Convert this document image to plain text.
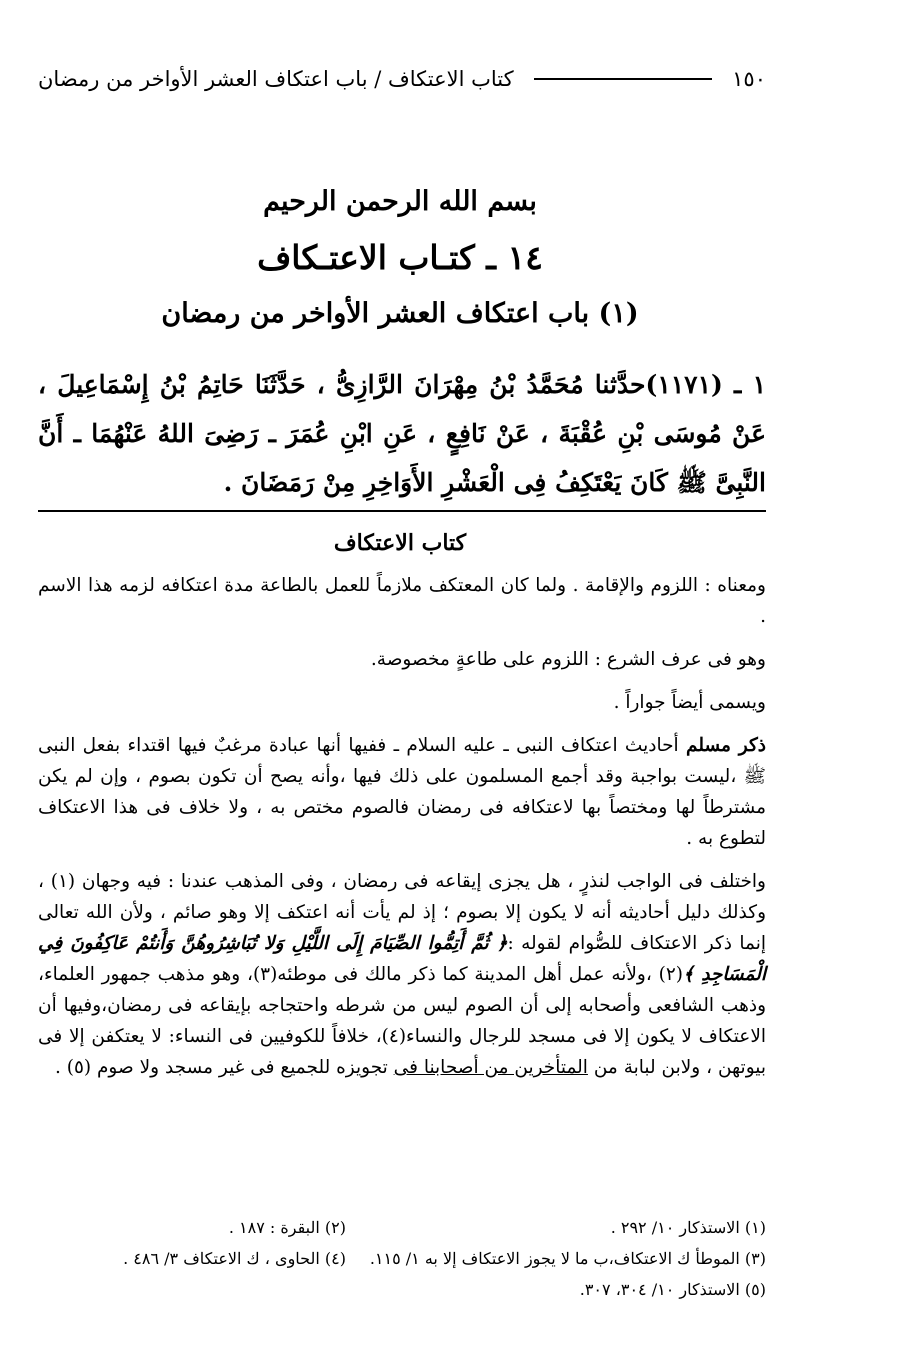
١٥٠
كتاب الاعتكاف / باب اعتكاف العشر الأواخر من رمضان
بسم الله الرحمن الرحيم
١٤ ـ كتـاب الاعتـكاف
(١) باب اعتكاف العشر الأواخر من رمضان
١ ـ (١١٧١)حدَّثنا مُحَمَّدُ بْنُ مِهْرَانَ الرَّازِىُّ ، حَدَّثَنَا حَاتِمُ بْنُ إِسْمَاعِيلَ ، عَنْ مُوسَى بْنِ عُقْبَةَ ، عَنْ نَافِعٍ ، عَنِ ابْنِ عُمَرَ ـ رَضِىَ اللهُ عَنْهُمَا ـ أَنَّ النَّبِىَّ ﷺ كَانَ يَعْتَكِفُ فِى الْعَشْرِ الأَوَاخِرِ مِنْ رَمَضَانَ .
كتاب الاعتكاف

ومعناه : اللزوم والإقامة . ولما كان المعتكف ملازماً للعمل بالطاعة مدة اعتكافه لزمه هذا الاسم .

وهو فى عرف الشرع : اللزوم على طاعةٍ مخصوصة.

ويسمى أيضاً جواراً .

ذكر مسلم أحاديث اعتكاف النبى ـ عليه السلام ـ ففيها أنها عبادة مرغبٌ فيها اقتداء بفعل النبى ﷺ ،ليست بواجبة وقد أجمع المسلمون على ذلك فيها ،وأنه يصح أن تكون بصوم ، وإن لم يكن مشترطاً لها ومختصاً بها لاعتكافه فى رمضان فالصوم مختص به ، ولا خلاف فى هذا الاعتكاف لتطوع به .

واختلف فى الواجب لنذرٍ ، هل يجزى إيقاعه فى رمضان ، وفى المذهب عندنا : فيه وجهان (١) ، وكذلك دليل أحاديثه أنه لا يكون إلا بصوم ؛ إذ لم يأت أنه اعتكف إلا وهو صائم ، ولأن الله تعالى إنما ذكر الاعتكاف للصُّوام لقوله :﴿ ثُمَّ أَتِمُّوا الصِّيَامَ إِلَى اللَّيْلِ وَلا تُبَاشِرُوهُنَّ وَأَنتُمْ عَاكِفُونَ فِي الْمَسَاجِدِ ﴾(٢) ،ولأنه عمل أهل المدينة كما ذكر مالك فى موطئه(٣)، وهو مذهب جمهور العلماء، وذهب الشافعى وأصحابه إلى أن الصوم ليس من شرطه واحتجاجه بإيقاعه فى رمضان،وفيها أن الاعتكاف لا يكون إلا فى مسجد للرجال والنساء(٤)، خلافاً للكوفيين فى النساء: لا يعتكفن إلا فى بيوتهن ، ولابن لبابة من المتأخرين من أصحابنا فى تجويزه للجميع فى غير مسجد ولا صوم (٥) .

(١) الاستذكار ١٠/ ٢٩٢ .
(٢) البقرة : ١٨٧ .
(٣) الموطأ ك الاعتكاف،ب ما لا يجوز الاعتكاف إلا به ١/ ١١٥.
(٤) الحاوى ، ك الاعتكاف ٣/ ٤٨٦ .
(٥) الاستذكار ١٠/ ٣٠٤، ٣٠٧.
